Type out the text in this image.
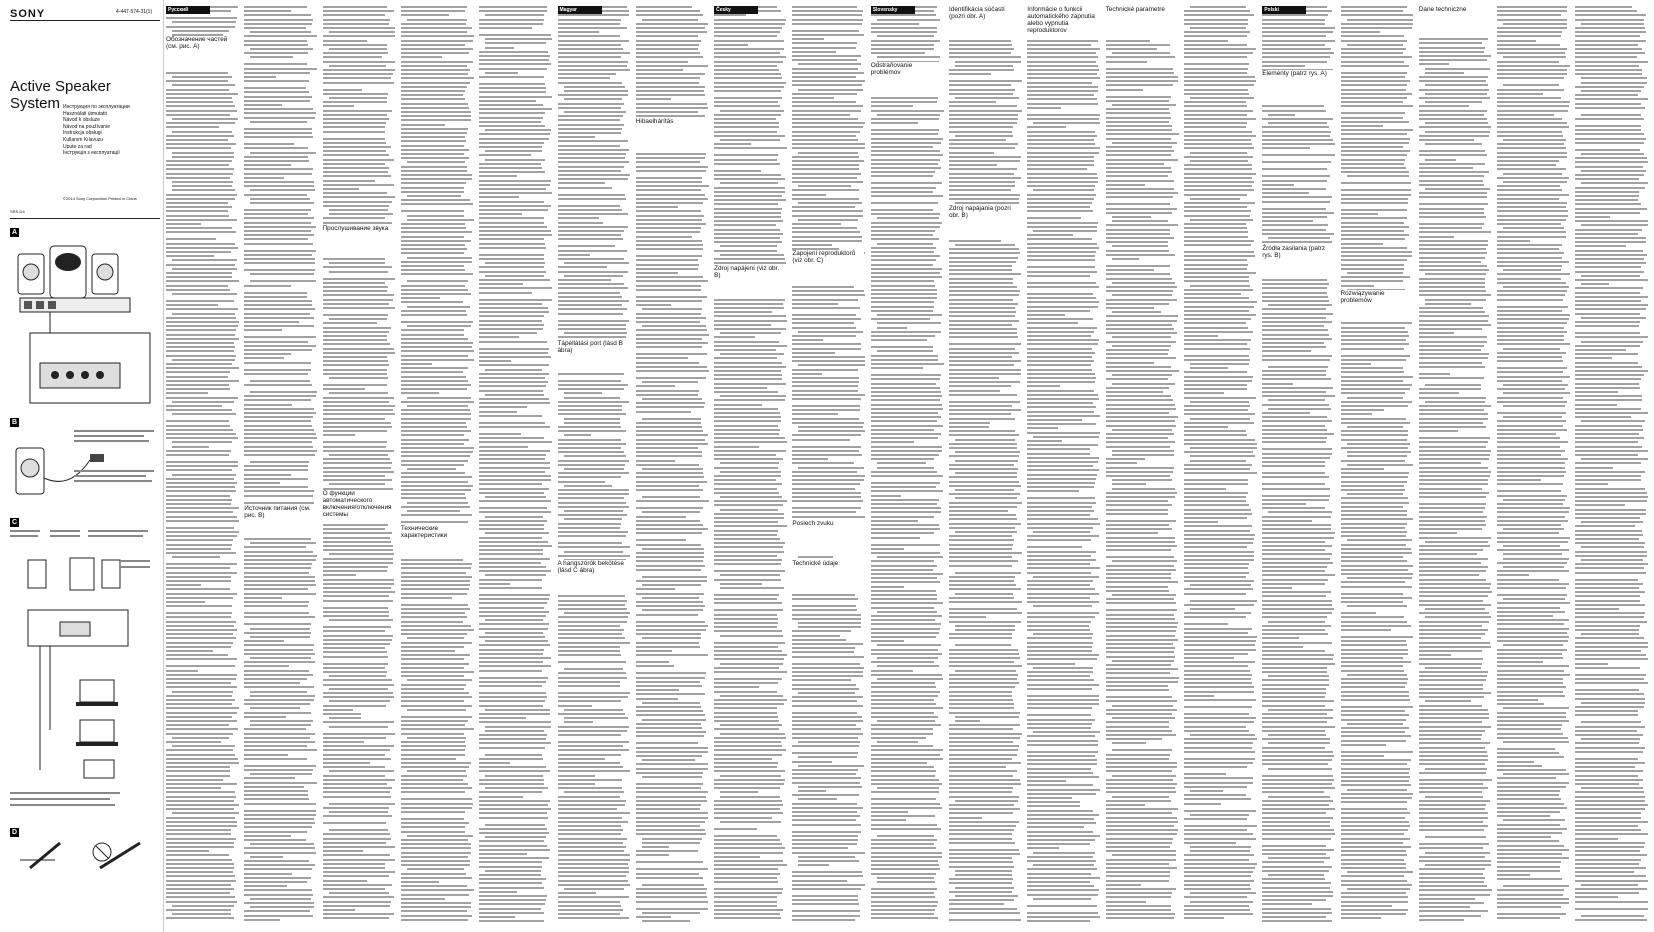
SONY	4-447-574-31(1)
Active Speaker System Инструкция по эксплуатации
Használati útmutató
Návod k obsluze
Návod na používanie
Instrukcja obsługi
Kullanım Kılavuzu
Upute za rad
Інструкція з експлуатації
©2014 Sony Corporation Printed in China
SRS-D4
A
B
C
D
Русский
Обозначение частей (см. рис. A)
Источник питания (см. рис. B)
Прослушивание звука
О функции автоматического включения/отключения системы
Технические характеристики
Magyar
Tápellátási port (lásd B ábra)
A hangszórók bekötése (lásd C ábra)
Hibaelhárítás
Česky
Zdroj napájení (viz obr. B)
Zapojení reproduktorů (viz obr. C)
Poslech zvuku
Technické údaje
Slovensky
Odstraňovanie problémov
Identifikácia súčastí (pozri obr. A)
Zdroj napájania (pozri obr. B)
Informácie o funkcii automatického zapnutia alebo vypnutia reproduktorov
Technické parametre	Polski
Elementy (patrz rys. A)
Źródła zasilania (patrz rys. B)
Rozwiązywanie problemów
Dane techniczne
